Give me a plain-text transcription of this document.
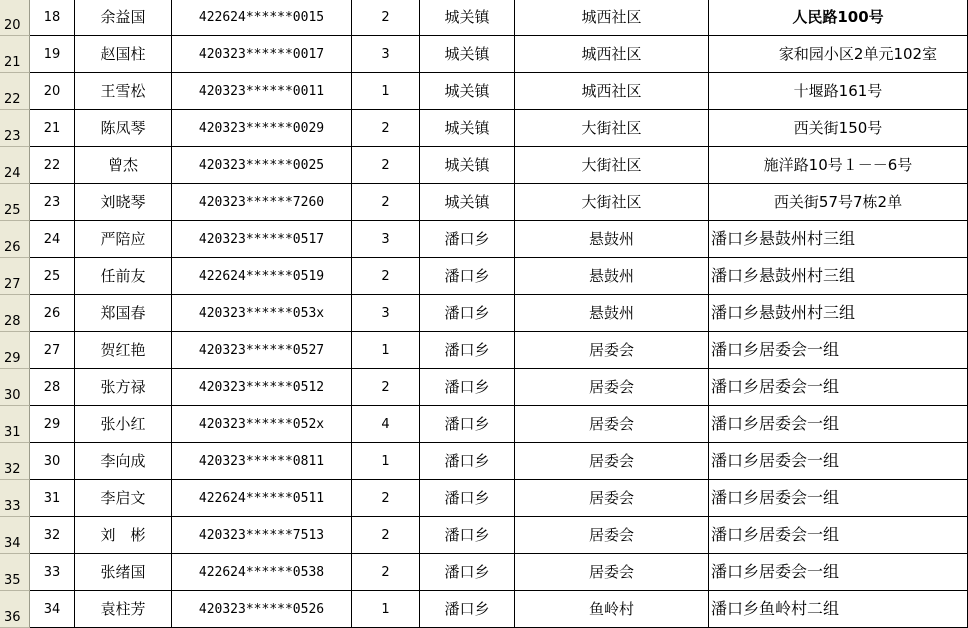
20
18	余益国	422624******0015	2	城关镇	城西社区	人民路100号
21
19	赵国柱	420323******0017	3	城关镇	城西社区	家和园小区2单元102室
22
20	王雪松	420323******0011	1	城关镇	城西社区	十堰路161号
23
21	陈凤琴	420323******0029	2	城关镇	大街社区	西关街150号
24
22	曾杰	420323******0025	2	城关镇	大街社区	施洋路10号１－－6号
25
23	刘晓琴	420323******7260	2	城关镇	大街社区	西关街57号7栋2单
26
24	严陪应	420323******0517	3	潘口乡	悬鼓州	潘口乡悬鼓州村三组
27
25	任前友	422624******0519	2	潘口乡	悬鼓州	潘口乡悬鼓州村三组
28
26	郑国春	420323******053x	3	潘口乡	悬鼓州	潘口乡悬鼓州村三组
29
27	贺红艳	420323******0527	1	潘口乡	居委会	潘口乡居委会一组
30
28	张方禄	420323******0512	2	潘口乡	居委会	潘口乡居委会一组
31
29	张小红	420323******052x	4	潘口乡	居委会	潘口乡居委会一组
32
30	李向成	420323******0811	1	潘口乡	居委会	潘口乡居委会一组
33
31	李启文	422624******0511	2	潘口乡	居委会	潘口乡居委会一组
34
32	刘　彬	420323******7513	2	潘口乡	居委会	潘口乡居委会一组
35
33	张绪国	422624******0538	2	潘口乡	居委会	潘口乡居委会一组
36
34	袁柱芳	420323******0526	1	潘口乡	鱼岭村	潘口乡鱼岭村二组
